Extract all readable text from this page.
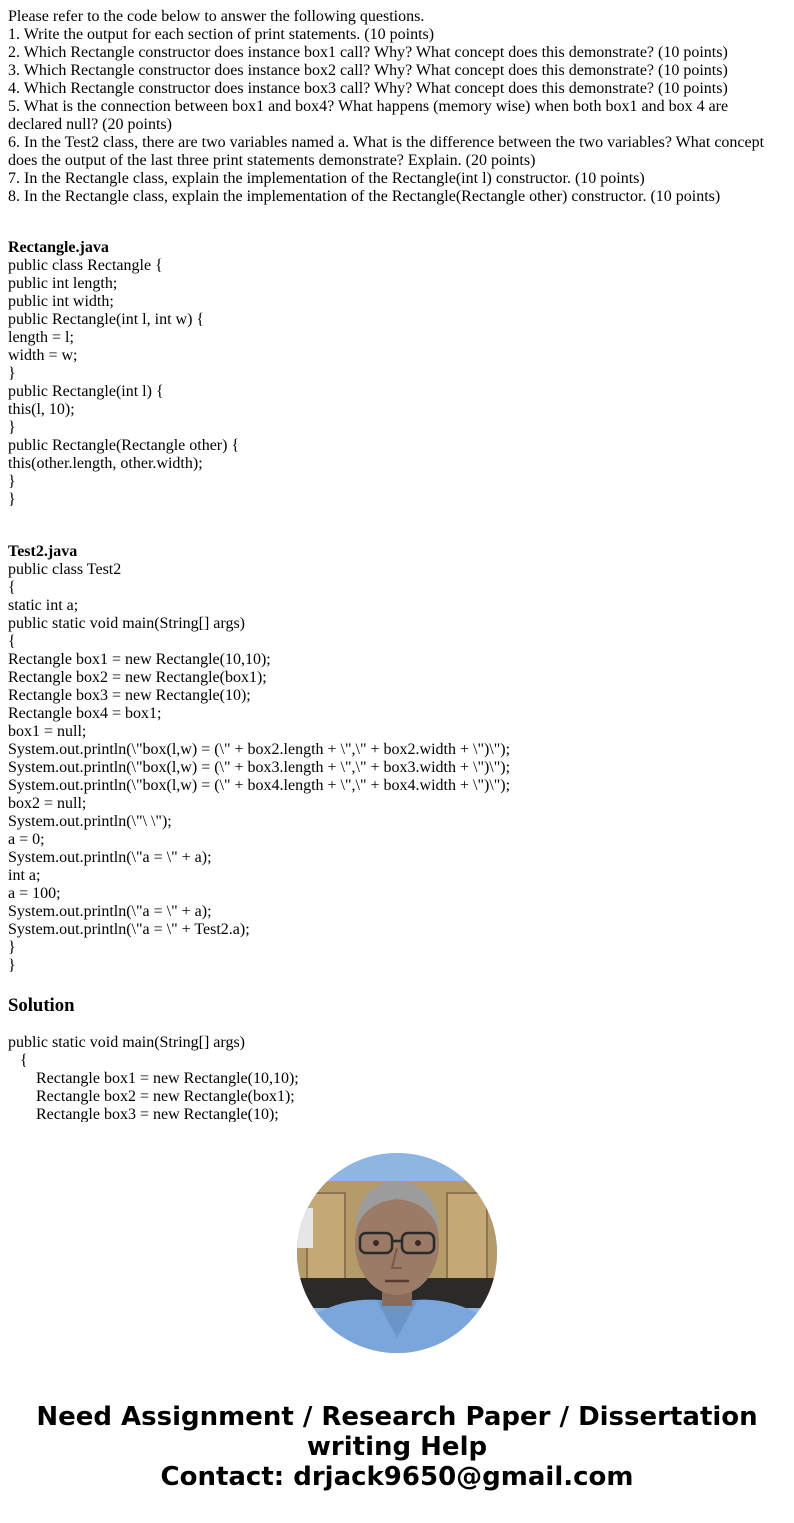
Please refer to the code below to answer the following questions.
1. Write the output for each section of print statements. (10 points)
2. Which Rectangle constructor does instance box1 call? Why? What concept does this demonstrate? (10 points)
3. Which Rectangle constructor does instance box2 call? Why? What concept does this demonstrate? (10 points)
4. Which Rectangle constructor does instance box3 call? Why? What concept does this demonstrate? (10 points)
5. What is the connection between box1 and box4? What happens (memory wise) when both box1 and box 4 are declared null? (20 points)
6. In the Test2 class, there are two variables named a. What is the difference between the two variables? What concept does the output of the last three print statements demonstrate? Explain. (20 points)
7. In the Rectangle class, explain the implementation of the Rectangle(int l) constructor. (10 points)
8. In the Rectangle class, explain the implementation of the Rectangle(Rectangle other) constructor. (10 points)
Rectangle.java
public class Rectangle {
public int length;
public int width;
public Rectangle(int l, int w) {
length = l;
width = w;
}
public Rectangle(int l) {
this(l, 10);
}
public Rectangle(Rectangle other) {
this(other.length, other.width);
}
}
Test2.java
public class Test2
{
static int a;
public static void main(String[] args)
{
Rectangle box1 = new Rectangle(10,10);
Rectangle box2 = new Rectangle(box1);
Rectangle box3 = new Rectangle(10);
Rectangle box4 = box1;
box1 = null;
System.out.println(\"box(l,w) = (\" + box2.length + \",\" + box2.width + \")\");
System.out.println(\"box(l,w) = (\" + box3.length + \",\" + box3.width + \")\");
System.out.println(\"box(l,w) = (\" + box4.length + \",\" + box4.width + \")\");
box2 = null;
System.out.println(\"\ \");
a = 0;
System.out.println(\"a = \" + a);
int a;
a = 100;
System.out.println(\"a = \" + a);
System.out.println(\"a = \" + Test2.a);
}
}
Solution
public static void main(String[] args)
{
Rectangle box1 = new Rectangle(10,10);
Rectangle box2 = new Rectangle(box1);
Rectangle box3 = new Rectangle(10);
Need Assignment / Research Paper / Dissertation
writing Help
Contact: drjack9650@gmail.com
